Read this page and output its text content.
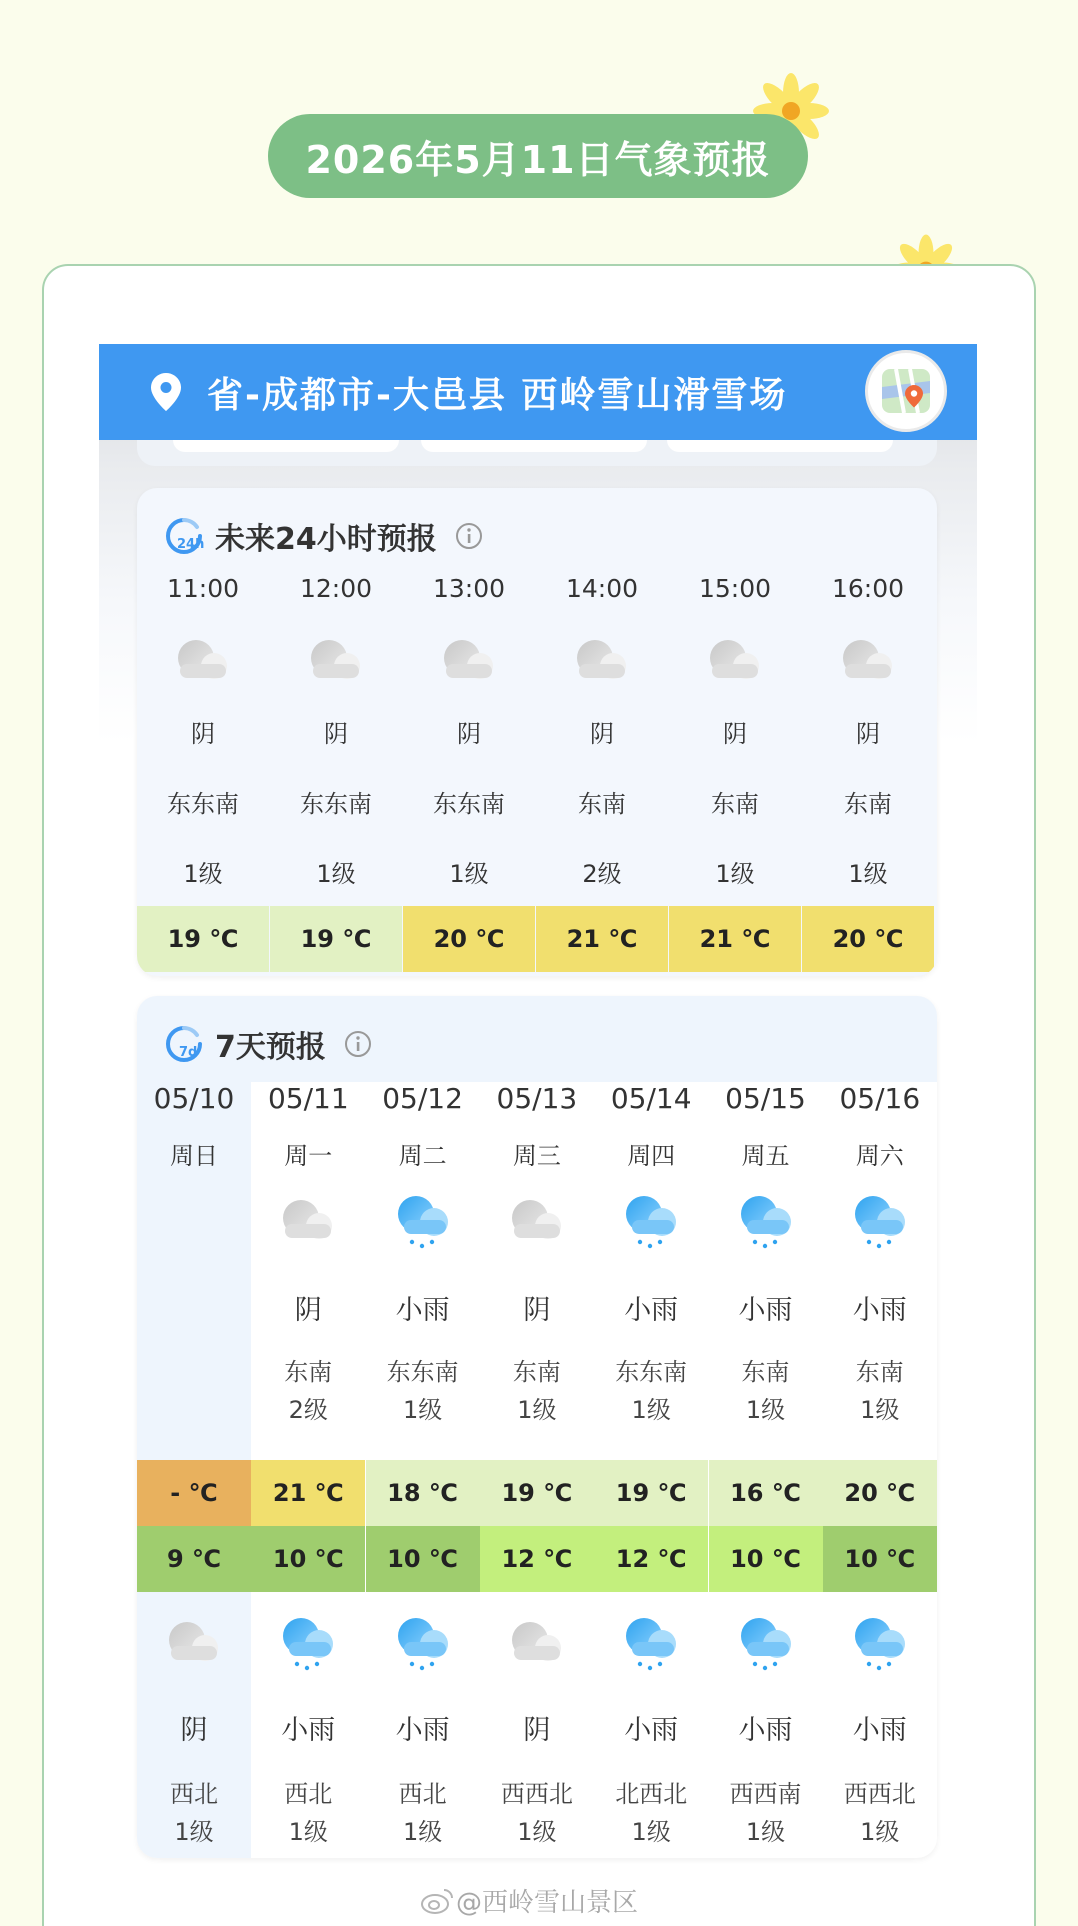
2026年5月11日气象预报
省-成都市-大邑县 西岭雪山滑雪场
24h 未来24小时预报
11:00
阴
东东南
1级
19 ℃
12:00
阴
东东南
1级
19 ℃
13:00
阴
东东南
1级
20 ℃
14:00
阴
东南
2级
21 ℃
15:00
阴
东南
1级
21 ℃
16:00
阴
东南
1级
20 ℃
7d 7天预报
05/10
周日
- ℃
9 ℃
阴
西北
1级
05/11
周一
阴
东南
2级
21 ℃
10 ℃
小雨
西北
1级
05/12
周二
小雨
东东南
1级
18 ℃
10 ℃
小雨
西北
1级
05/13
周三
阴
东南
1级
19 ℃
12 ℃
阴
西西北
1级
05/14
周四
小雨
东东南
1级
19 ℃
12 ℃
小雨
北西北
1级
05/15
周五
小雨
东南
1级
16 ℃
10 ℃
小雨
西西南
1级
05/16
周六
小雨
东南
1级
20 ℃
10 ℃
小雨
西西北
1级
@西岭雪山景区
